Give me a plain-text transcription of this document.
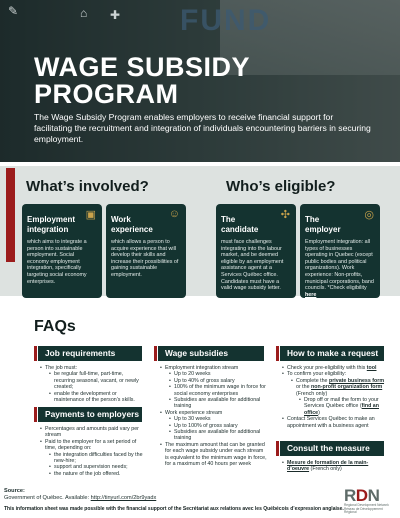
FUND
✎	⌂ ✚
WAGE SUBSIDY
PROGRAM
The Wage Subsidy Program enables employers to receive financial support for facilitating the recruitment and integration of individuals encountering barriers in securing employment.
What’s involved?	Who’s eligible?
▣
Employment
integration
which aims to integrate a person into sustainable employment. Social economy employment integration, specifically targeting social economy enterprises.
☺
Work
experience
which allows a person to acquire experience that will develop their skills and increase their possibilities of gaining sustainable employment.
✣
The
candidate
must face challenges integrating into the labour market, and be deemed eligible by an employment assistance agent at a Services Québec office. Candidates must have a valid wage subsidy letter.
◎
The
employer
Employment integration: all types of businesses operating in Quebec (except public bodies and political organizations). Work experience: Non-profits, municipal corporations, band councils. *Check eligibility here
FAQs
Job requirements
• The job must:
• be regular full-time, part-time, recurring seasonal, vacant, or newly created;
• enable the development or maintenance of the person’s skills.
Payments to employers
• Percentages and amounts paid vary per stream
• Paid to the employer for a set period of time, depending on:
• the integration difficulties faced by the new-hire;
• support and supervision needs;
• the nature of the job offered.
Wage subsidies
• Employment integration stream
• Up to 20 weeks
• Up to 40% of gross salary
• 100% of the minimum wage in force for social economy enterprises
• Subsidies are available for additional training
• Work experience stream
• Up to 30 weeks
• Up to 100% of gross salary
• Subsidies are available for additional training
• The maximum amount that can be granted for each wage subsidy under each stream is equivalent to the minimum wage in force, for a maximum of 40 hours per week
How to make a request
• Check your pre-eligibility with this tool
• To confirm your eligibility:
• Complete the private business form or the non-profit organization form (French only)
• Drop off or mail the form to your Services Québec office (find an office)
• Contact Services Québec to make an appointment with a business agent
Consult the measure
• Mesure de formation de la main-d’oeuvre (French only)
Source:
Government of Québec. Available: http://tinyurl.com/2br9yadx
This information sheet was made possible with the financial support of the Secrétariat aux relations avec les Québécois d’expression anglaise.
RDN
Regional Development Network
Réseau de Développement Régional
